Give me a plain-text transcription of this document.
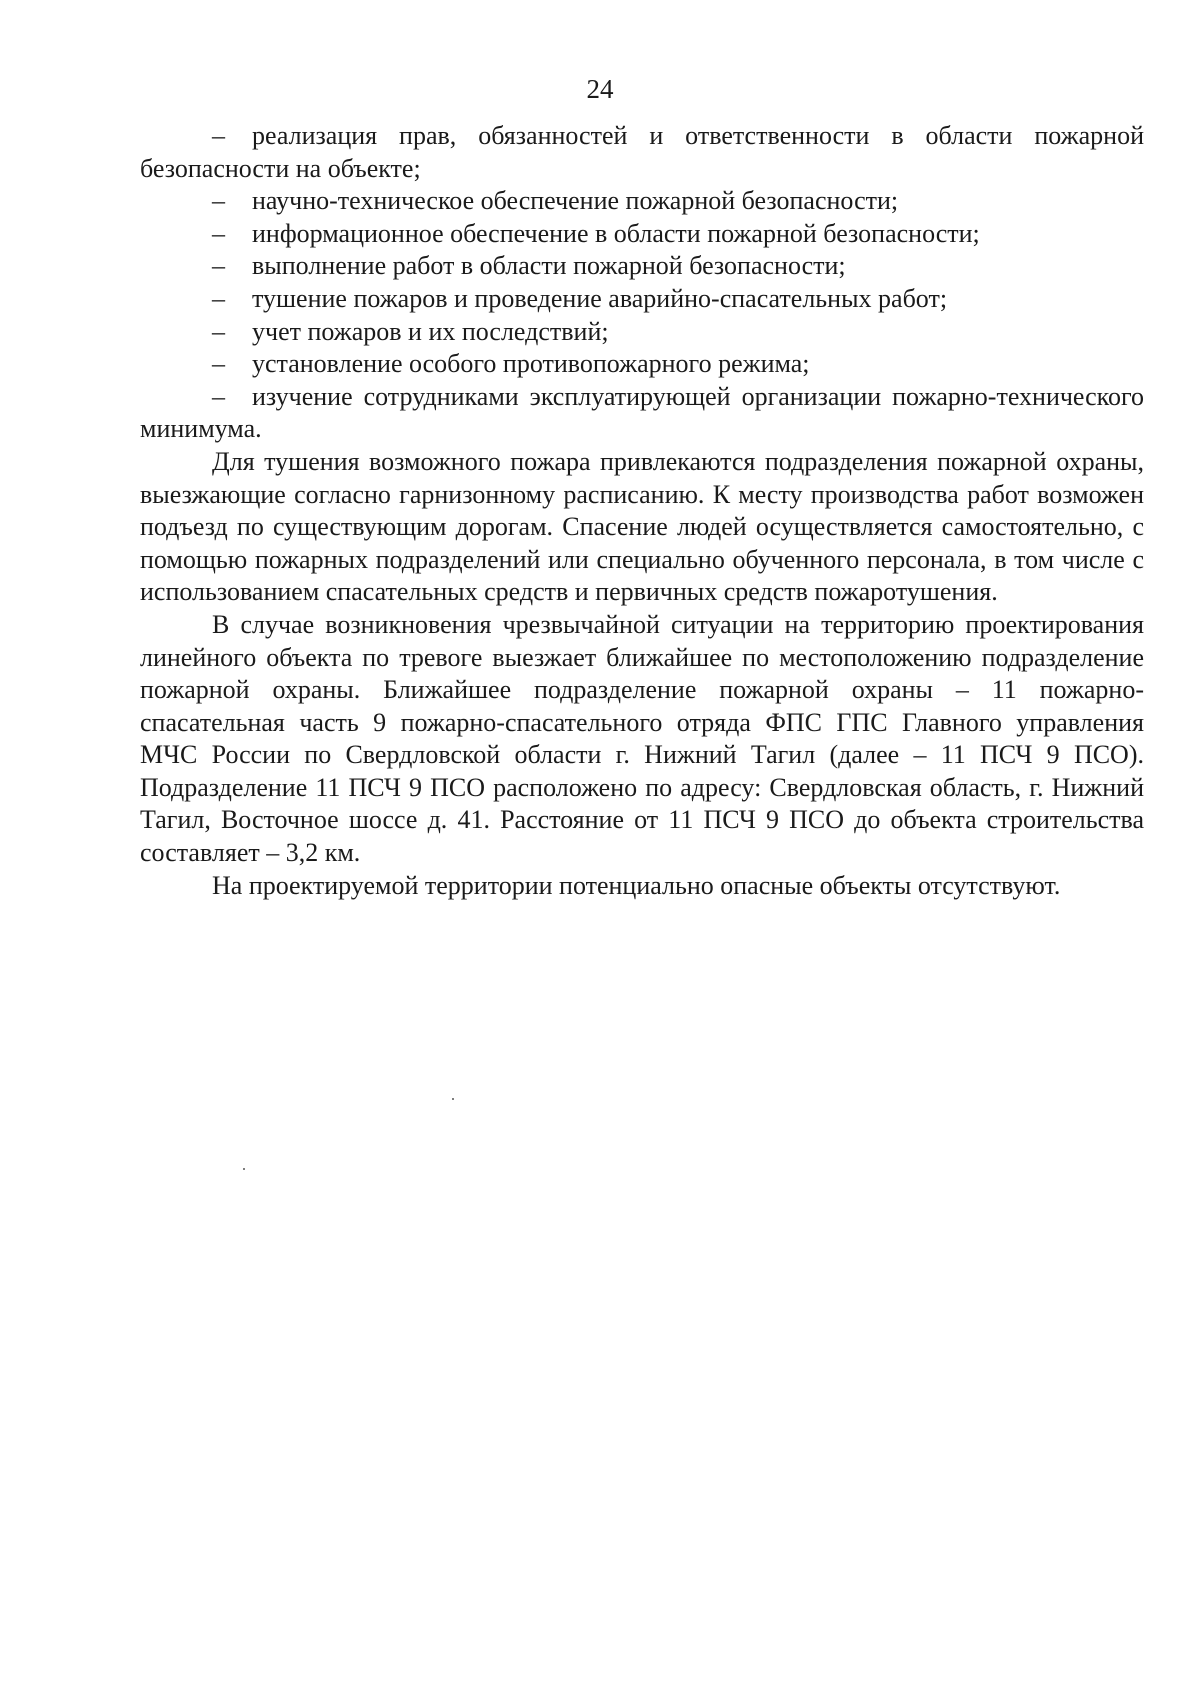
24

– реализация прав, обязанностей и ответственности в области пожарной безопасности на объекте;

– научно-техническое обеспечение пожарной безопасности;

– информационное обеспечение в области пожарной безопасности;

– выполнение работ в области пожарной безопасности;

– тушение пожаров и проведение аварийно-спасательных работ;

– учет пожаров и их последствий;

– установление особого противопожарного режима;

– изучение сотрудниками эксплуатирующей организации пожарно-технического минимума.

Для тушения возможного пожара привлекаются подразделения пожарной охраны, выезжающие согласно гарнизонному расписанию. К месту производства работ возможен подъезд по существующим дорогам. Спасение людей осуществляется самостоятельно, с помощью пожарных подразделений или специально обученного персонала, в том числе с использованием спасательных средств и первичных средств пожаротушения.

В случае возникновения чрезвычайной ситуации на территорию проектирования линейного объекта по тревоге выезжает ближайшее по местоположению подразделение пожарной охраны. Ближайшее подразделение пожарной охраны – 11 пожарно-спасательная часть 9 пожарно-спасательного отряда ФПС ГПС Главного управления МЧС России по Свердловской области г. Нижний Тагил (далее – 11 ПСЧ 9 ПСО). Подразделение 11 ПСЧ 9 ПСО расположено по адресу: Свердловская область, г. Нижний Тагил, Восточное шоссе д. 41. Расстояние от 11 ПСЧ 9 ПСО до объекта строительства составляет – 3,2 км.

На проектируемой территории потенциально опасные объекты отсутствуют.
